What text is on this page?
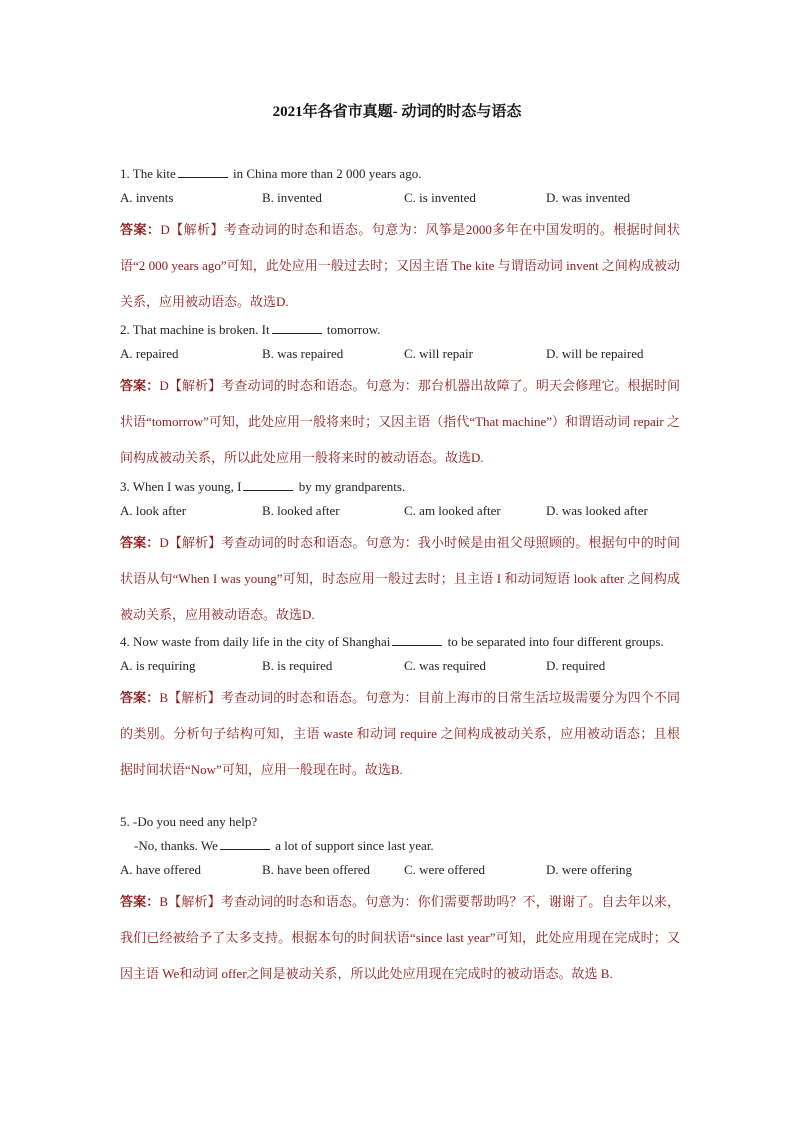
2021年各省市真题- 动词的时态与语态
1. The kite	in China more than 2 000 years ago.
A. invents	B. invented	C. is invented	D. was invented
答案：D【解析】考查动词的时态和语态。句意为：风筝是2000多年在中国发明的。根据时间状语“2 000 years ago”可知，此处应用一般过去时；又因主语 The kite 与谓语动词 invent 之间构成被动关系，应用被动语态。故选D.
2. That machine is broken. It	tomorrow.
A. repaired	B. was repaired	C. will repair	D. will be repaired
答案：D【解析】考查动词的时态和语态。句意为：那台机器出故障了。明天会修理它。根据时间状语“tomorrow”可知，此处应用一般将来时；又因主语（指代“That machine”）和谓语动词 repair 之间构成被动关系，所以此处应用一般将来时的被动语态。故选D.
3. When I was young, I	by my grandparents.
A. look after	B. looked after	C. am looked after	D. was looked after
答案：D【解析】考查动词的时态和语态。句意为：我小时候是由祖父母照顾的。根据句中的时间状语从句“When I was young”可知，时态应用一般过去时；且主语 I 和动词短语 look after 之间构成被动关系，应用被动语态。故选D.
4. Now waste from daily life in the city of Shanghai	to be separated into four different groups.
A. is requiring	B. is required	C. was required	D. required
答案：B【解析】考查动词的时态和语态。句意为：目前上海市的日常生活垃圾需要分为四个不同的类别。分析句子结构可知，主语 waste 和动词 require 之间构成被动关系，应用被动语态；且根据时间状语“Now”可知，应用一般现在时。故选B.
5. -Do you need any help?
-No, thanks. We	a lot of support since last year.
A. have offered	B. have been offered	C. were offered	D. were offering
答案：B【解析】考查动词的时态和语态。句意为：你们需要帮助吗？不，谢谢了。自去年以来，我们已经被给予了太多支持。根据本句的时间状语“since last year”可知，此处应用现在完成时；又因主语 We和动词 offer之间是被动关系，所以此处应用现在完成时的被动语态。故选 B.
